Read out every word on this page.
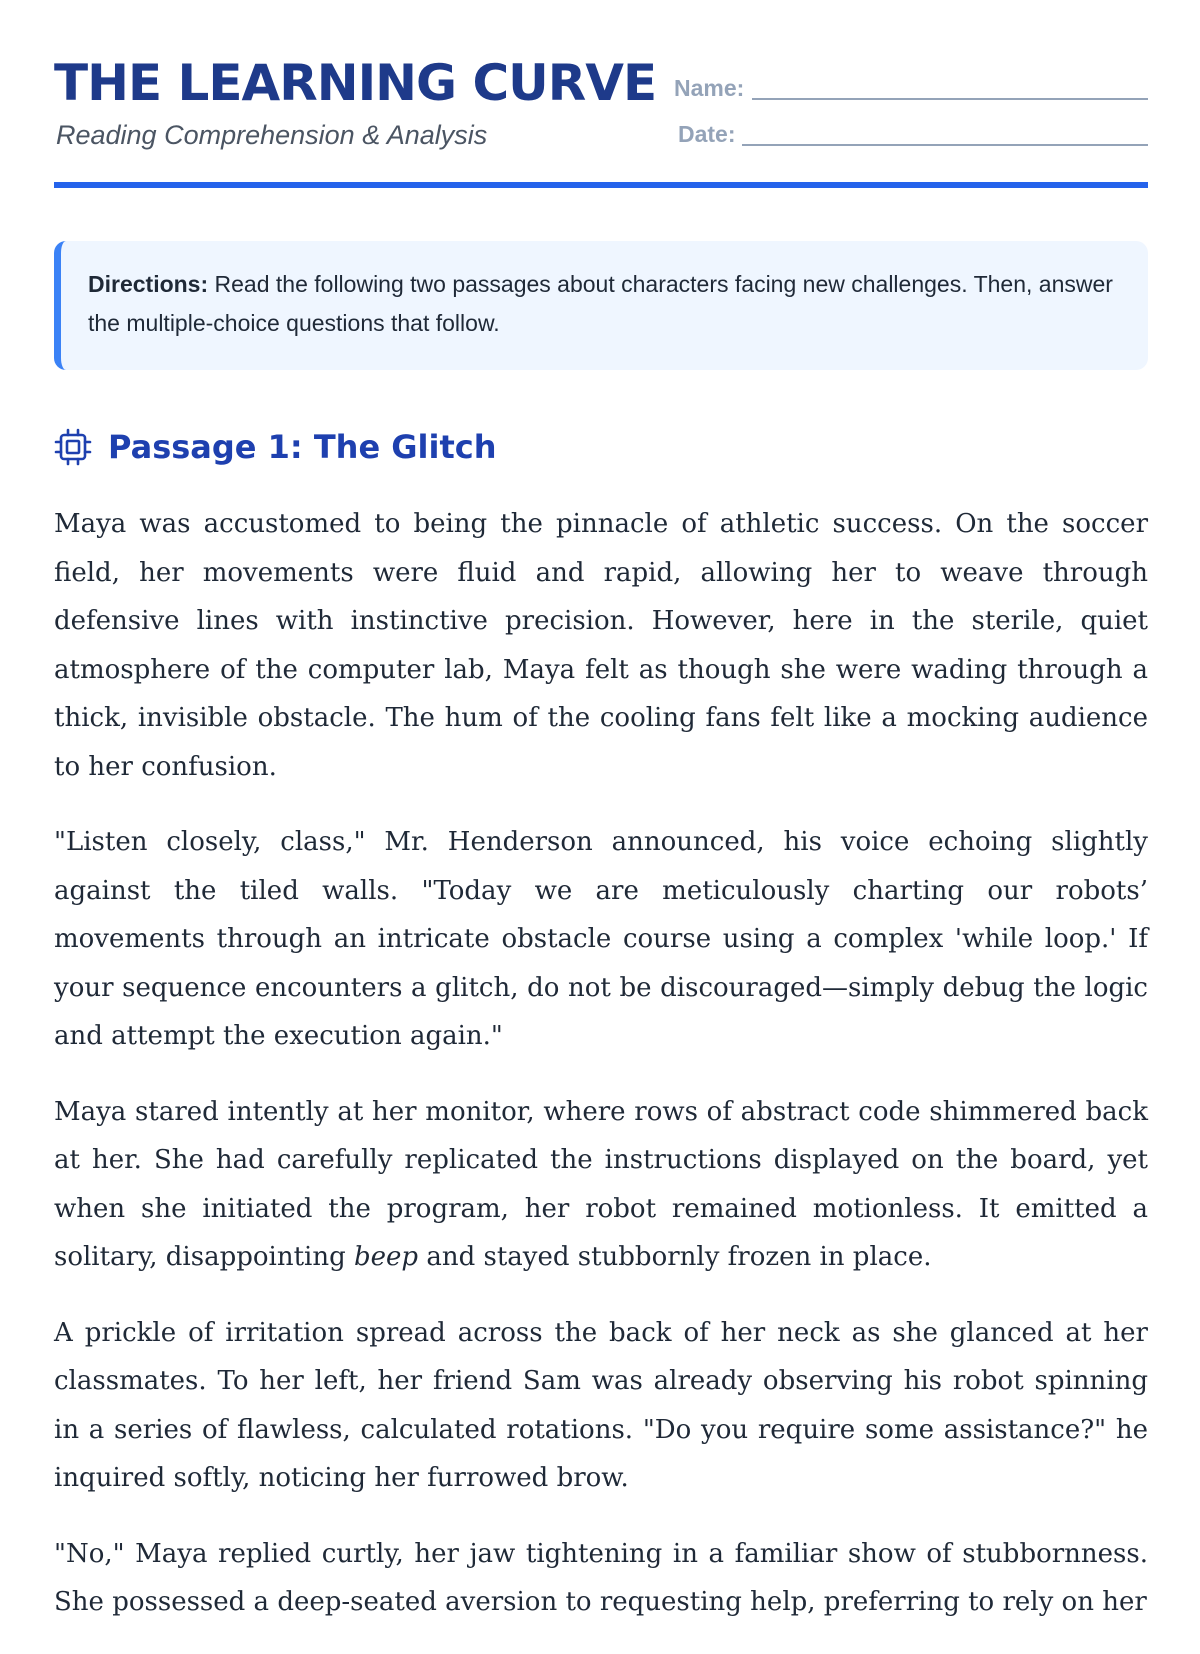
THE LEARNING CURVE
Reading Comprehension & Analysis
Name:
Date:
Directions: Read the following two passages about characters facing new challenges. Then, answer the multiple-choice questions that follow.
Passage 1: The Glitch

Maya was accustomed to being the pinnacle of athletic success. On the soccer field, her movements were fluid and rapid, allowing her to weave through defensive lines with instinctive precision. However, here in the sterile, quiet atmosphere of the computer lab, Maya felt as though she were wading through a thick, invisible obstacle. The hum of the cooling fans felt like a mocking audience to her confusion.

"Listen closely, class," Mr. Henderson announced, his voice echoing slightly against the tiled walls. "Today we are meticulously charting our robots’ movements through an intricate obstacle course using a complex 'while loop.' If your sequence encounters a glitch, do not be discouraged—simply debug the logic and attempt the execution again."

Maya stared intently at her monitor, where rows of abstract code shimmered back at her. She had carefully replicated the instructions displayed on the board, yet when she initiated the program, her robot remained motionless. It emitted a solitary, disappointing beep and stayed stubbornly frozen in place.

A prickle of irritation spread across the back of her neck as she glanced at her classmates. To her left, her friend Sam was already observing his robot spinning in a series of flawless, calculated rotations. "Do you require some assistance?" he inquired softly, noticing her furrowed brow.

"No," Maya replied curtly, her jaw tightening in a familiar show of stubbornness. She possessed a deep-seated aversion to requesting help, preferring to rely on her
